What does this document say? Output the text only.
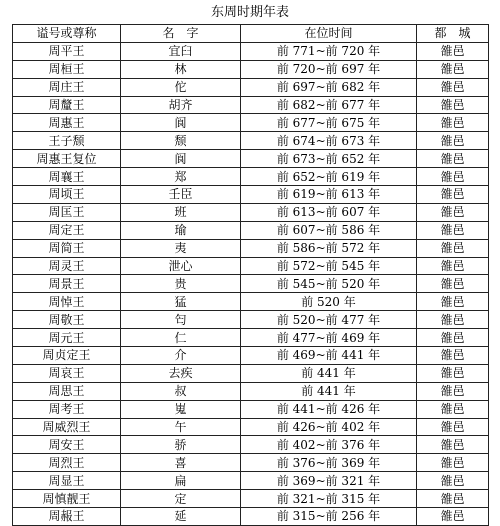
东周时期年表
谥号或尊称	名　字	在位时间	都　城
周平王	宜臼	前 771~前 720 年	雒邑
周桓王	林	前 720~前 697 年	雒邑
周庄王	佗	前 697~前 682 年	雒邑
周釐王	胡齐	前 682~前 677 年	雒邑
周惠王	阆	前 677~前 675 年	雒邑
王子颓	颓	前 674~前 673 年	雒邑
周惠王复位	阆	前 673~前 652 年	雒邑
周襄王	郑	前 652~前 619 年	雒邑
周顷王	壬臣	前 619~前 613 年	雒邑
周匡王	班	前 613~前 607 年	雒邑
周定王	瑜	前 607~前 586 年	雒邑
周简王	夷	前 586~前 572 年	雒邑
周灵王	泄心	前 572~前 545 年	雒邑
周景王	贵	前 545~前 520 年	雒邑
周悼王	猛	前 520 年	雒邑
周敬王	匄	前 520~前 477 年	雒邑
周元王	仁	前 477~前 469 年	雒邑
周贞定王	介	前 469~前 441 年	雒邑
周哀王	去疾	前 441 年	雒邑
周思王	叔	前 441 年	雒邑
周考王	嵬	前 441~前 426 年	雒邑
周威烈王	午	前 426~前 402 年	雒邑
周安王	骄	前 402~前 376 年	雒邑
周烈王	喜	前 376~前 369 年	雒邑
周显王	扁	前 369~前 321 年	雒邑
周慎靓王	定	前 321~前 315 年	雒邑
周赧王	延	前 315~前 256 年	雒邑
